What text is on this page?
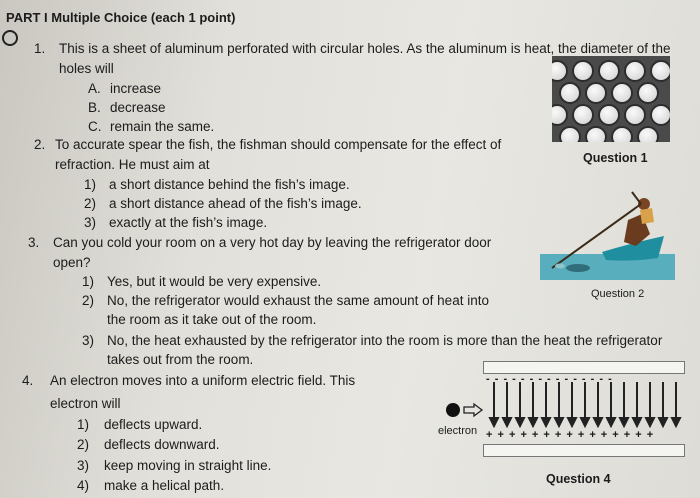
PART I Multiple Choice (each 1 point)
1. This is a sheet of aluminum perforated with circular holes. As the aluminum is heat, the diameter of the
holes will
A. increase
B. decrease
C. remain the same.
Question 1
2. To accurate spear the fish, the fishman should compensate for the effect of
refraction. He must aim at
1) a short distance behind the fish’s image.
2) a short distance ahead of the fish’s image.
3) exactly at the fish’s image.
Question 2
3. Can you cold your room on a very hot day by leaving the refrigerator door
open?
1) Yes, but it would be very expensive.
2) No, the refrigerator would exhaust the same amount of heat into
the room as it take out of the room.
3) No, the heat exhausted by the refrigerator into the room is more than the heat the refrigerator
takes out from the room.
4. An electron moves into a uniform electric field. This
electron will
1) deflects upward.
2) deflects downward.
3) keep moving in straight line.
4) make a helical path.
- - - - - - - - - - - - - - -
+ + + + + + + + + + + + + + +
electron
Question 4
